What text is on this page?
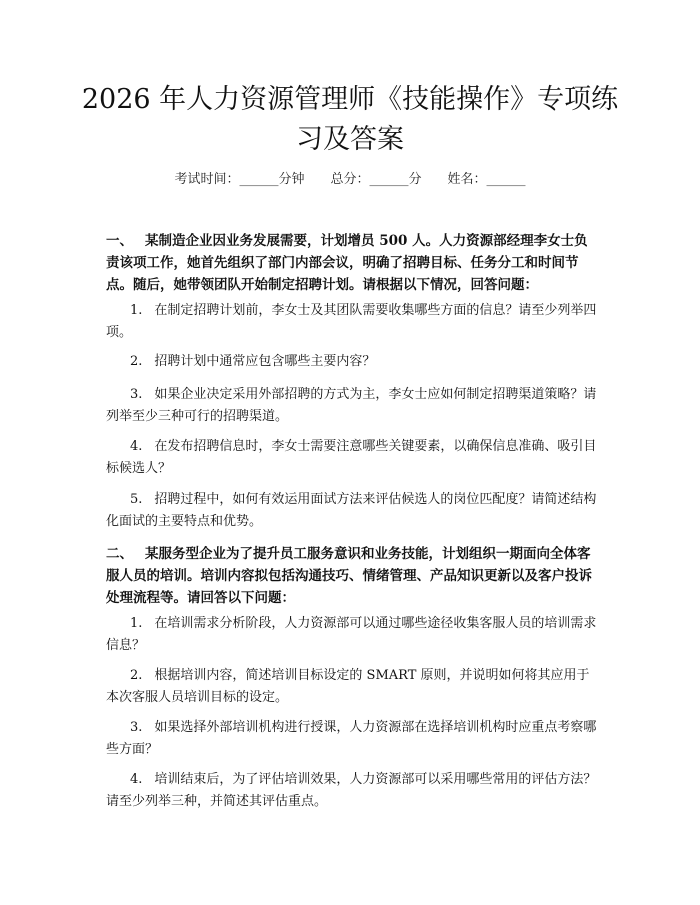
2026 年人力资源管理师《技能操作》专项练习及答案
考试时间：______分钟 总分：______分 姓名：______

一、 某制造企业因业务发展需要，计划增员 500 人。人力资源部经理李女士负责该项工作，她首先组织了部门内部会议，明确了招聘目标、任务分工和时间节点。随后，她带领团队开始制定招聘计划。请根据以下情况，回答问题：

1. 在制定招聘计划前，李女士及其团队需要收集哪些方面的信息？请至少列举四项。

2. 招聘计划中通常应包含哪些主要内容？

3. 如果企业决定采用外部招聘的方式为主，李女士应如何制定招聘渠道策略？请列举至少三种可行的招聘渠道。

4. 在发布招聘信息时，李女士需要注意哪些关键要素，以确保信息准确、吸引目标候选人？

5. 招聘过程中，如何有效运用面试方法来评估候选人的岗位匹配度？请简述结构化面试的主要特点和优势。

二、 某服务型企业为了提升员工服务意识和业务技能，计划组织一期面向全体客服人员的培训。培训内容拟包括沟通技巧、情绪管理、产品知识更新以及客户投诉处理流程等。请回答以下问题：

1. 在培训需求分析阶段，人力资源部可以通过哪些途径收集客服人员的培训需求信息？

2. 根据培训内容，简述培训目标设定的 SMART 原则，并说明如何将其应用于本次客服人员培训目标的设定。

3. 如果选择外部培训机构进行授课，人力资源部在选择培训机构时应重点考察哪些方面？

4. 培训结束后，为了评估培训效果，人力资源部可以采用哪些常用的评估方法？请至少列举三种，并简述其评估重点。
